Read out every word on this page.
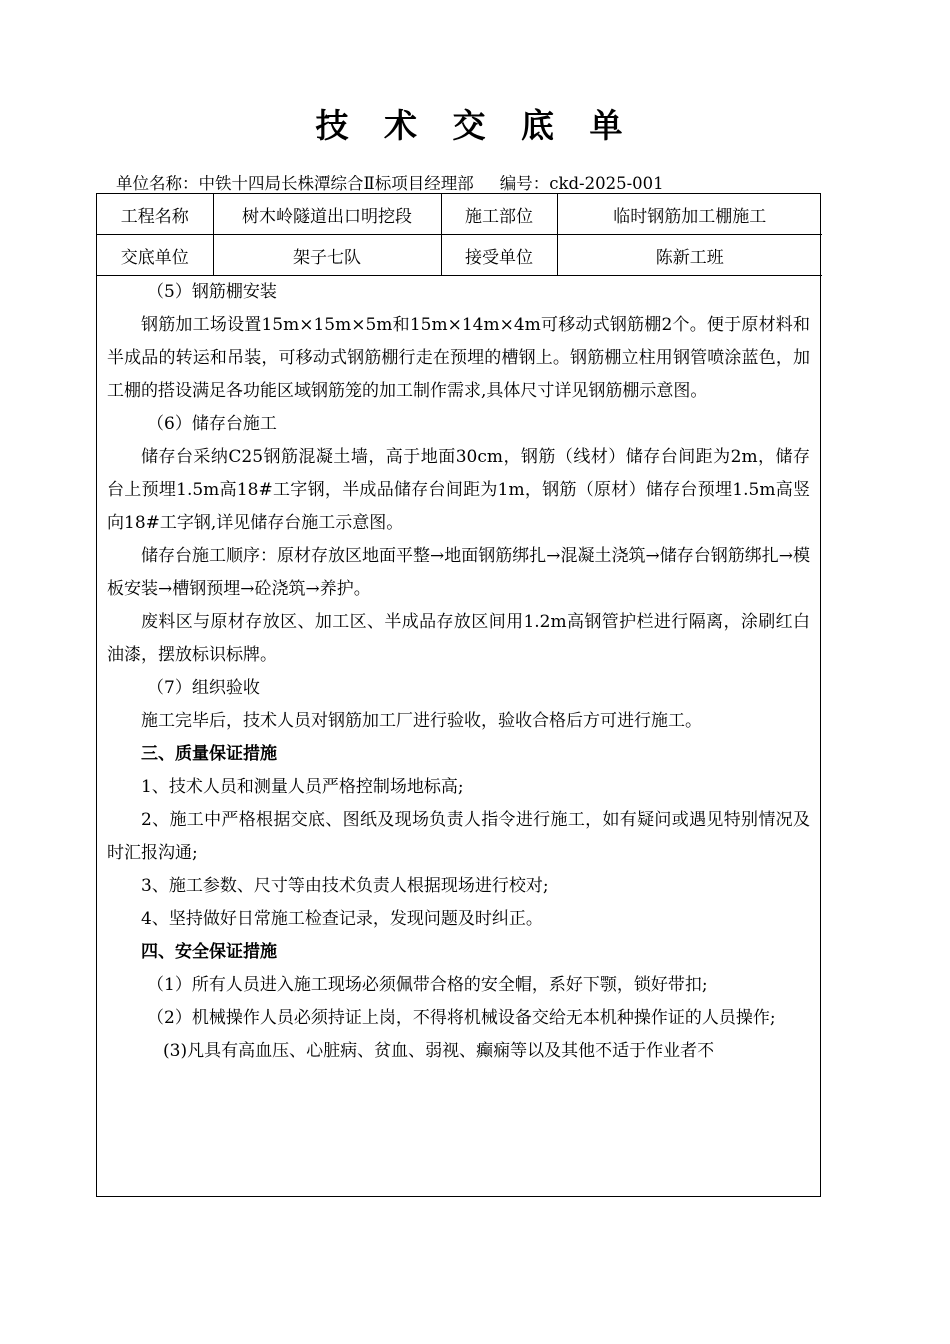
技 术 交 底 单
单位名称：中铁十四局长株潭综合Ⅱ标项目经理部 编号：ckd-2025-001
工程名称	树木岭隧道出口明挖段	施工部位	临时钢筋加工棚施工
交底单位	架子七队	接受单位	陈新工班

（5）钢筋棚安装

钢筋加工场设置15m×15m×5m和15m×14m×4m可移动式钢筋棚2个。便于原材料和半成品的转运和吊装，可移动式钢筋棚行走在预埋的槽钢上。钢筋棚立柱用钢管喷涂蓝色，加工棚的搭设满足各功能区域钢筋笼的加工制作需求,具体尺寸详见钢筋棚示意图。

（6）储存台施工

储存台采纳C25钢筋混凝土墙，高于地面30cm，钢筋（线材）储存台间距为2m，储存台上预埋1.5m高18#工字钢，半成品储存台间距为1m，钢筋（原材）储存台预埋1.5m高竖向18#工字钢,详见储存台施工示意图。

储存台施工顺序：原材存放区地面平整→地面钢筋绑扎→混凝土浇筑→储存台钢筋绑扎→模板安装→槽钢预埋→砼浇筑→养护。

废料区与原材存放区、加工区、半成品存放区间用1.2m高钢管护栏进行隔离，涂刷红白油漆，摆放标识标牌。

（7）组织验收

施工完毕后，技术人员对钢筋加工厂进行验收，验收合格后方可进行施工。

三、质量保证措施

1、技术人员和测量人员严格控制场地标高;

2、施工中严格根据交底、图纸及现场负责人指令进行施工，如有疑问或遇见特别情况及时汇报沟通;

3、施工参数、尺寸等由技术负责人根据现场进行校对;

4、坚持做好日常施工检查记录，发现问题及时纠正。

四、安全保证措施

（1）所有人员进入施工现场必须佩带合格的安全帽，系好下颚，锁好带扣;

（2）机械操作人员必须持证上岗，不得将机械设备交给无本机种操作证的人员操作;

(3)凡具有高血压、心脏病、贫血、弱视、癫痫等以及其他不适于作业者不
